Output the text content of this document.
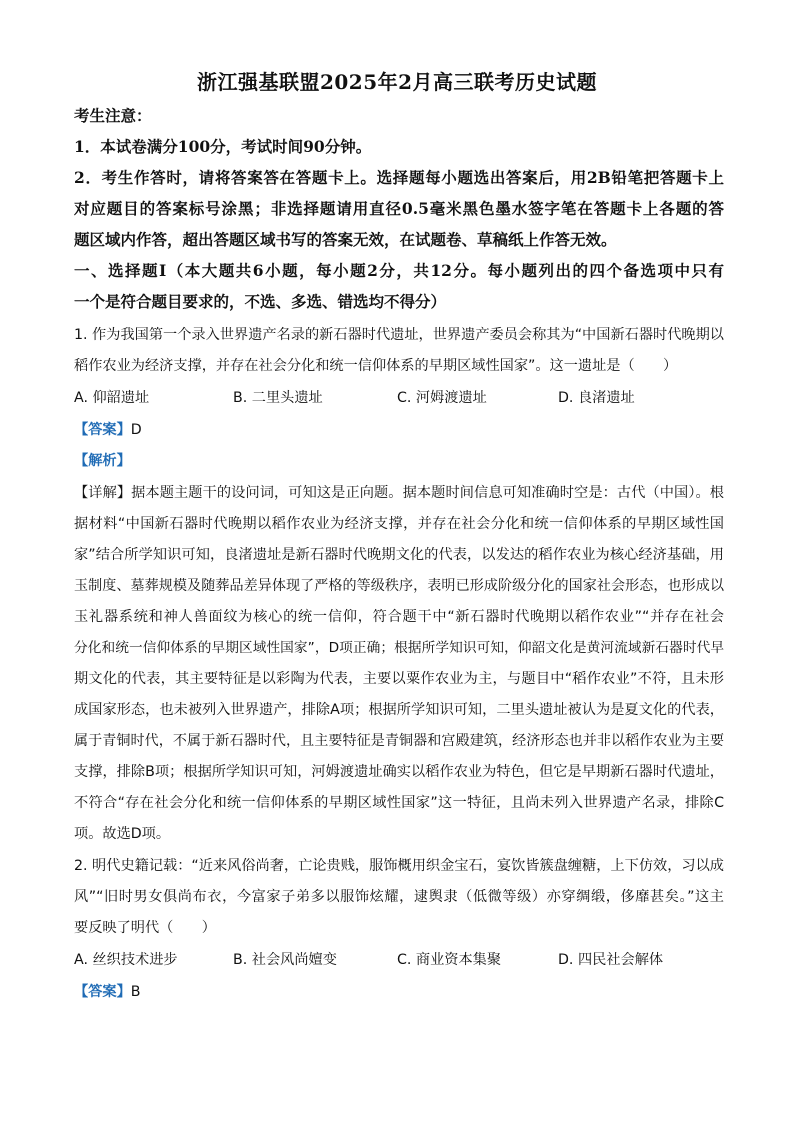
浙江强基联盟2025年2月高三联考历史试题
考生注意：
1．本试卷满分100分，考试时间90分钟。
2．考生作答时，请将答案答在答题卡上。选择题每小题选出答案后，用2B铅笔把答题卡上
对应题目的答案标号涂黑；非选择题请用直径0.5毫米黑色墨水签字笔在答题卡上各题的答
题区域内作答，超出答题区域书写的答案无效，在试题卷、草稿纸上作答无效。
一、选择题Ⅰ（本大题共6小题，每小题2分，共12分。每小题列出的四个备选项中只有
一个是符合题目要求的，不选、多选、错选均不得分）
1. 作为我国第一个录入世界遗产名录的新石器时代遗址，世界遗产委员会称其为“中国新石器时代晚期以
稻作农业为经济支撑，并存在社会分化和统一信仰体系的早期区域性国家”。这一遗址是（　　）
A. 仰韶遗址	B. 二里头遗址	C. 河姆渡遗址	D. 良渚遗址
【答案】D
【解析】
【详解】据本题主题干的设问词，可知这是正向题。据本题时间信息可知准确时空是：古代（中国）。根
据材料“中国新石器时代晚期以稻作农业为经济支撑，并存在社会分化和统一信仰体系的早期区域性国
家”结合所学知识可知，良渚遗址是新石器时代晚期文化的代表，以发达的稻作农业为核心经济基础，用
玉制度、墓葬规模及随葬品差异体现了严格的等级秩序，表明已形成阶级分化的国家社会形态，也形成以
玉礼器系统和神人兽面纹为核心的统一信仰，符合题干中“新石器时代晚期以稻作农业”“并存在社会
分化和统一信仰体系的早期区域性国家”，D项正确；根据所学知识可知，仰韶文化是黄河流域新石器时代早
期文化的代表，其主要特征是以彩陶为代表，主要以粟作农业为主，与题目中“稻作农业”不符，且未形
成国家形态，也未被列入世界遗产，排除A项；根据所学知识可知，二里头遗址被认为是夏文化的代表，
属于青铜时代，不属于新石器时代，且主要特征是青铜器和宫殿建筑，经济形态也并非以稻作农业为主要
支撑，排除B项；根据所学知识可知，河姆渡遗址确实以稻作农业为特色，但它是早期新石器时代遗址，
不符合“存在社会分化和统一信仰体系的早期区域性国家”这一特征，且尚未列入世界遗产名录，排除C
项。故选D项。
2. 明代史籍记载：“近来风俗尚奢，亡论贵贱，服饰概用织金宝石，宴饮皆簇盘缠糖，上下仿效，习以成
风”“旧时男女俱尚布衣，今富家子弟多以服饰炫耀，逮舆隶（低微等级）亦穿绸缎，侈靡甚矣。”这主
要反映了明代（　　）
A. 丝织技术进步	B. 社会风尚嬗变	C. 商业资本集聚	D. 四民社会解体
【答案】B
